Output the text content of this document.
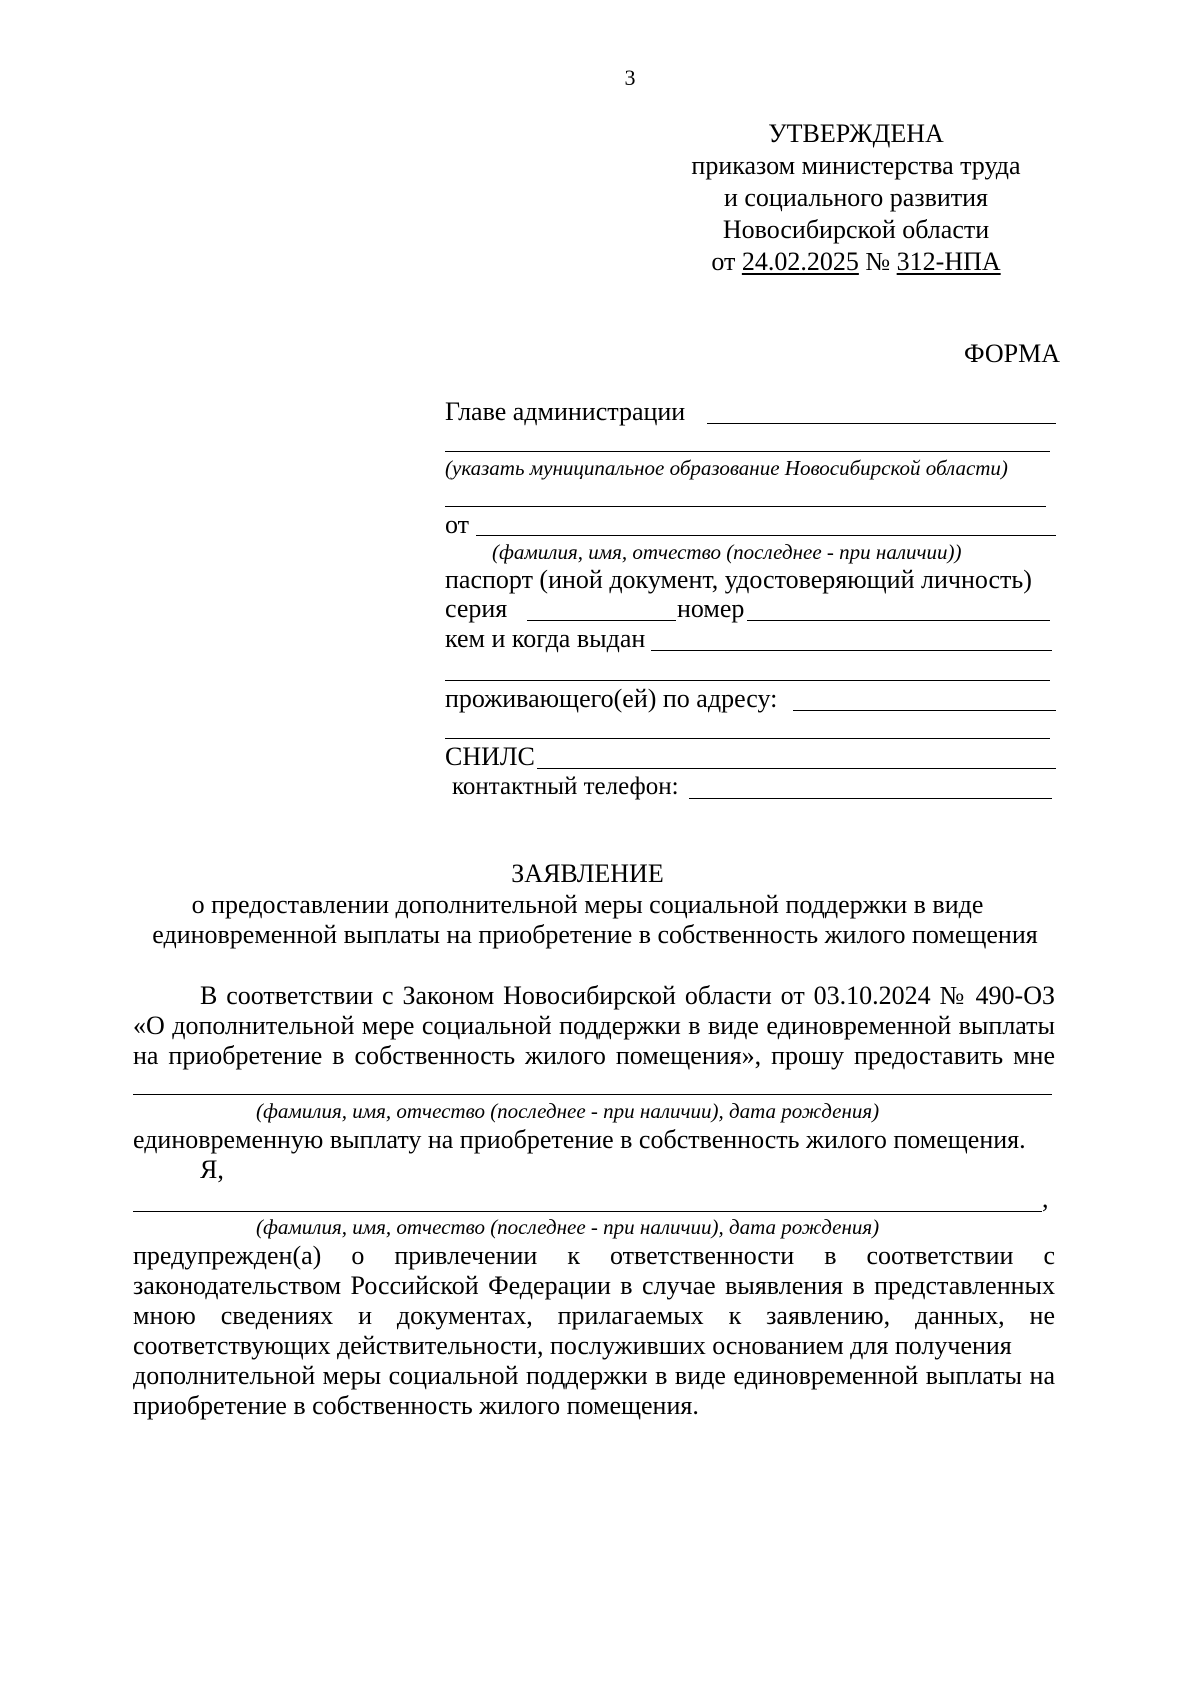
3
УТВЕРЖДЕНА
приказом министерства труда
и социального развития
Новосибирской области
от 24.02.2025 № 312-НПА
ФОРМА
Главе администрации
(указать муниципальное образование Новосибирской области)
от
(фамилия, имя, отчество (последнее - при наличии))
паспорт (иной документ, удостоверяющий личность)
серия	номер
кем и когда выдан
проживающего(ей) по адресу:
СНИЛС
контактный телефон:
ЗАЯВЛЕНИЕ
о предоставлении дополнительной меры социальной поддержки в виде
единовременной выплаты на приобретение в собственность жилого помещения
В соответствии с Законом Новосибирской области от 03.10.2024 № 490-ОЗ
«О дополнительной мере социальной поддержки в виде единовременной выплаты
на приобретение в собственность жилого помещения», прошу предоставить мне
(фамилия, имя, отчество (последнее - при наличии), дата рождения)
единовременную выплату на приобретение в собственность жилого помещения.
Я,
,
(фамилия, имя, отчество (последнее - при наличии), дата рождения)
предупрежден(а) о привлечении к ответственности в соответствии с
законодательством Российской Федерации в случае выявления в представленных
мною сведениях и документах, прилагаемых к заявлению, данных, не
соответствующих действительности, послуживших основанием для получения
дополнительной меры социальной поддержки в виде единовременной выплаты на
приобретение в собственность жилого помещения.
